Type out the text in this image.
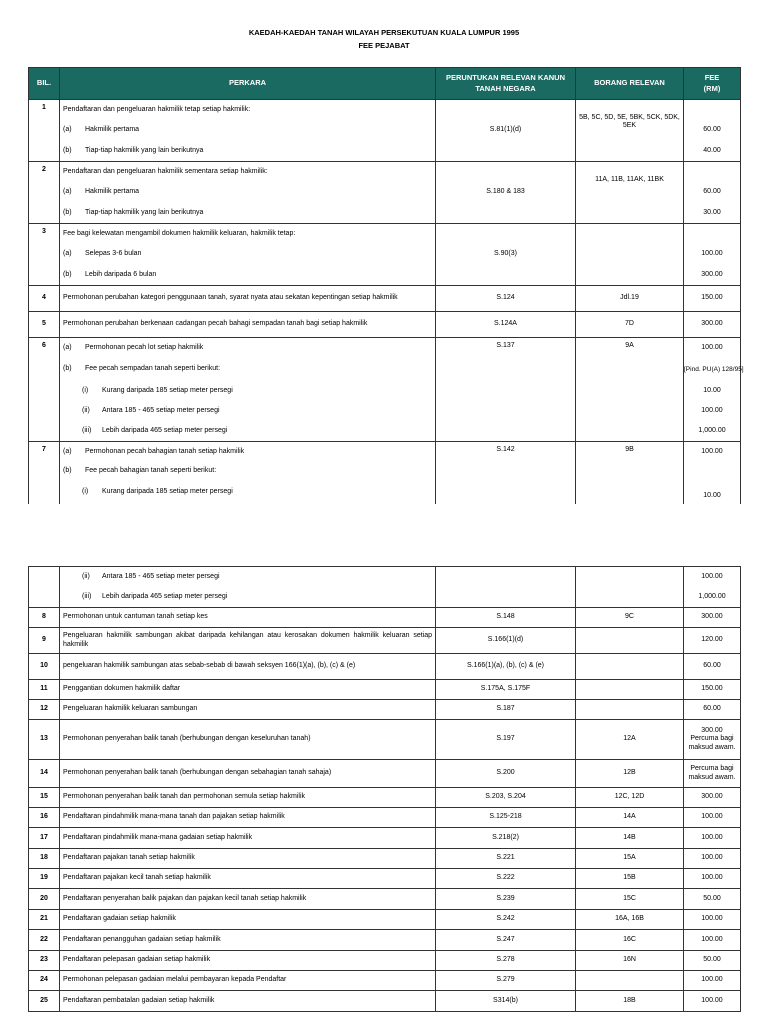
KAEDAH-KAEDAH TANAH WILAYAH PERSEKUTUAN KUALA LUMPUR 1995
FEE PEJABAT
BIL.	PERKARA	PERUNTUKAN RELEVAN KANUN
TANAH NEGARA	BORANG RELEVAN	FEE
(RM)
1	Pendaftaran dan pengeluaran hakmilik tetap setiap hakmilik:	S.81(1)(d)	5B, 5C, 5D, 5E, 5BK, 5CK, 5DK, 5EK	
	(a) Hakmilik pertama			60.00
	(b) Tiap-tiap hakmilik yang lain berikutnya			40.00
2	Pendaftaran dan pengeluaran hakmilik sementara setiap hakmilik:	S.180 & 183	11A, 11B, 11AK, 11BK	
	(a) Hakmilik pertama			60.00
	(b) Tiap-tiap hakmilik yang lain berikutnya			30.00
3	Fee bagi kelewatan mengambil dokumen hakmilik keluaran, hakmilik tetap:	S.90(3)		
	(a) Selepas 3-6 bulan			100.00
	(b) Lebih daripada 6 bulan			300.00
4	Permohonan perubahan kategori penggunaan tanah, syarat nyata atau sekatan kepentingan setiap hakmilik	S.124	Jdl.19	150.00
5	Permohonan perubahan berkenaan cadangan pecah bahagi sempadan tanah bagi setiap hakmilik	S.124A	7D	300.00
6	(a) Permohonan pecah lot setiap hakmilik	S.137	9A	100.00
	(b) Fee pecah sempadan tanah seperti berikut:			[Pind. PU(A) 128/95]
	(i) Kurang daripada 185 setiap meter persegi			10.00
	(ii) Antara 185 - 465 setiap meter persegi			100.00
	(iii) Lebih daripada 465 setiap meter persegi			1,000.00
7	(a) Permohonan pecah bahagian tanah setiap hakmilik	S.142	9B	100.00
	(b) Fee pecah bahagian tanah seperti berikut:			
	(i) Kurang daripada 185 setiap meter persegi			10.00
	(ii) Antara 185 - 465 setiap meter persegi			100.00
	(iii) Lebih daripada 465 setiap meter persegi			1,000.00
8	Permohonan untuk cantuman tanah setiap kes	S.148	9C	300.00
9	Pengeluaran hakmilik sambungan akibat daripada kehilangan atau kerosakan dokumen hakmilik keluaran setiap hakmilik	S.166(1)(d)		120.00
10	pengeluaran hakmilik sambungan atas sebab-sebab di bawah seksyen 166(1)(a), (b), (c) & (e)	S.166(1)(a), (b), (c) & (e)		60.00
11	Penggantian dokumen hakmilik daftar	S.175A, S.175F		150.00
12	Pengeluaran hakmilik keluaran sambungan	S.187		60.00
13	Permohonan penyerahan balik tanah (berhubungan dengan keseluruhan tanah)	S.197	12A	300.00 Percuma bagi maksud awam.
14	Permohonan penyerahan balik tanah (berhubungan dengan sebahagian tanah sahaja)	S.200	12B	Percuma bagi maksud awam.
15	Permohonan penyerahan balik tanah dan permohonan semula setiap hakmilik	S.203, S.204	12C, 12D	300.00
16	Pendaftaran pindahmilik mana-mana tanah dan pajakan setiap hakmilik	S.125-218	14A	100.00
17	Pendaftaran pindahmilik mana-mana gadaian setiap hakmilik	S.218(2)	14B	100.00
18	Pendaftaran pajakan tanah setiap hakmilik	S.221	15A	100.00
19	Pendaftaran pajakan kecil tanah setiap hakmilik	S.222	15B	100.00
20	Pendaftaran penyerahan balik pajakan dan pajakan kecil tanah setiap hakmilik	S.239	15C	50.00
21	Pendaftaran gadaian setiap hakmilik	S.242	16A, 16B	100.00
22	Pendaftaran penangguhan gadaian setiap hakmilik	S.247	16C	100.00
23	Pendaftaran pelepasan gadaian setiap hakmilik	S.278	16N	50.00
24	Permohonan pelepasan gadaian melalui pembayaran kepada Pendaftar	S.279		100.00
25	Pendaftaran pembatalan gadaian setiap hakmilik	S314(b)	18B	100.00
